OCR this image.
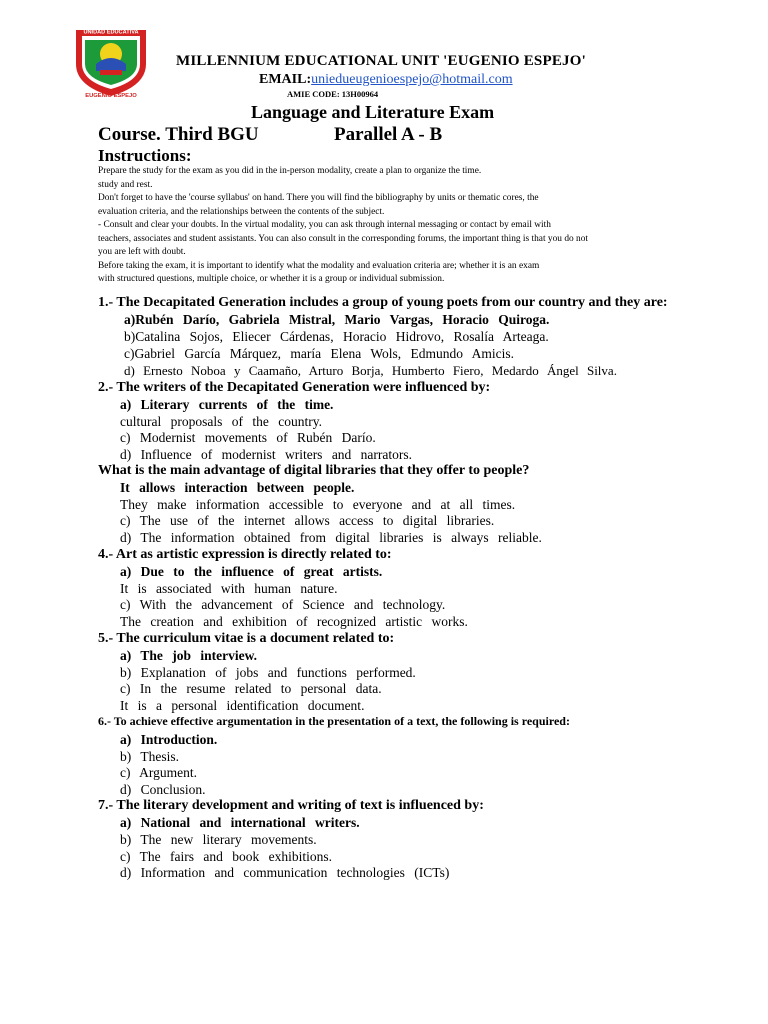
UNIDAD EDUCATIVA
EUGENIO ESPEJO
MILLENNIUM EDUCATIONAL UNIT 'EUGENIO ESPEJO'
EMAIL:uniedueugenioespejo@hotmail.com
AMIE CODE: 13H00964
Language and Literature Exam
Course. Third BGU	Parallel A - B
Instructions:
Prepare the study for the exam as you did in the in-person modality, create a plan to organize the time.
study and rest.
Don't forget to have the 'course syllabus' on hand. There you will find the bibliography by units or thematic cores, the
evaluation criteria, and the relationships between the contents of the subject.
- Consult and clear your doubts. In the virtual modality, you can ask through internal messaging or contact by email with
teachers, associates and student assistants. You can also consult in the corresponding forums, the important thing is that you do not
you are left with doubt.
Before taking the exam, it is important to identify what the modality and evaluation criteria are; whether it is an exam
with structured questions, multiple choice, or whether it is a group or individual submission.
1.- The Decapitated Generation includes a group of young poets from our country and they are:
a)Rubén Darío, Gabriela Mistral, Mario Vargas, Horacio Quiroga.
b)Catalina Sojos, Eliecer Cárdenas, Horacio Hidrovo, Rosalía Arteaga.
c)Gabriel García Márquez, maría Elena Wols, Edmundo Amicis.
d) Ernesto Noboa y Caamaño, Arturo Borja, Humberto Fiero, Medardo Ángel Silva.
2.- The writers of the Decapitated Generation were influenced by:
a) Literary currents of the time.
cultural proposals of the country.
c) Modernist movements of Rubén Darío.
d) Influence of modernist writers and narrators.
What is the main advantage of digital libraries that they offer to people?
It allows interaction between people.
They make information accessible to everyone and at all times.
c) The use of the internet allows access to digital libraries.
d) The information obtained from digital libraries is always reliable.
4.- Art as artistic expression is directly related to:
a) Due to the influence of great artists.
It is associated with human nature.
c) With the advancement of Science and technology.
The creation and exhibition of recognized artistic works.
5.- The curriculum vitae is a document related to:
a) The job interview.
b) Explanation of jobs and functions performed.
c) In the resume related to personal data.
It is a personal identification document.
6.- To achieve effective argumentation in the presentation of a text, the following is required:
a) Introduction.
b) Thesis.
c) Argument.
d) Conclusion.
7.- The literary development and writing of text is influenced by:
a) National and international writers.
b) The new literary movements.
c) The fairs and book exhibitions.
d) Information and communication technologies (ICTs)
